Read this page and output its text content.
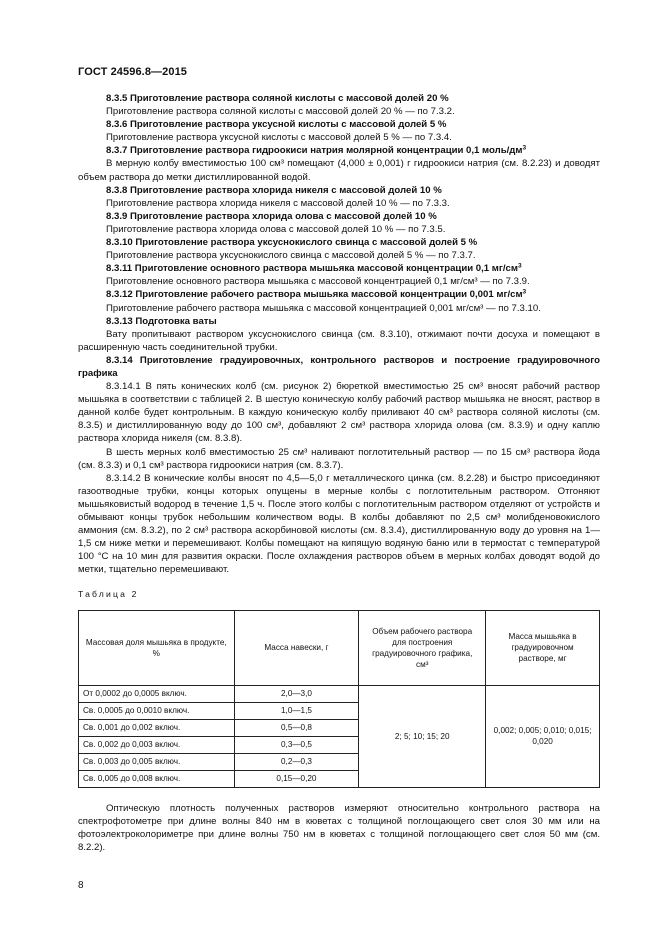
ГОСТ 24596.8—2015

8.3.5 Приготовление раствора соляной кислоты с массовой долей 20 %

Приготовление раствора соляной кислоты с массовой долей 20 % — по 7.3.2.

8.3.6 Приготовление раствора уксусной кислоты с массовой долей 5 %

Приготовление раствора уксусной кислоты с массовой долей 5 % — по 7.3.4.

8.3.7 Приготовление раствора гидроокиси натрия молярной концентрации 0,1 моль/$дм^3$

В мерную колбу вместимостью 100 см³ помещают (4,000 ± 0,001) г гидроокиси натрия (см. 8.2.23) и доводят объем раствора до метки дистиллированной водой.

8.3.8 Приготовление раствора хлорида никеля с массовой долей 10 %

Приготовление раствора хлорида никеля с массовой долей 10 % — по 7.3.3.

8.3.9 Приготовление раствора хлорида олова с массовой долей 10 %

Приготовление раствора хлорида олова с массовой долей 10 % — по 7.3.5.

8.3.10 Приготовление раствора уксуснокислого свинца с массовой долей 5 %

Приготовление раствора уксуснокислого свинца с массовой долей 5 % — по 7.3.7.

8.3.11 Приготовление основного раствора мышьяка массовой концентрации 0,1 $мг/см^3$

Приготовление основного раствора мышьяка с массовой концентрацией 0,1 мг/см³ — по 7.3.9.

8.3.12 Приготовление рабочего раствора мышьяка массовой концентрации 0,001 $мг/см^3$

Приготовление рабочего раствора мышьяка с массовой концентрацией 0,001 мг/см³ — по 7.3.10.

8.3.13 Подготовка ваты

Вату пропитывают раствором уксуснокислого свинца (см. 8.3.10), отжимают почти досуха и помещают в расширенную часть соединительной трубки.

8.3.14 Приготовление градуировочных, контрольного растворов и построение градуировочного графика

8.3.14.1 В пять конических колб (см. рисунок 2) бюреткой вместимостью 25 см³ вносят рабочий раствор мышьяка в соответствии с таблицей 2. В шестую коническую колбу рабочий раствор мышьяка не вносят, раствор в данной колбе будет контрольным. В каждую коническую колбу приливают 40 см³ раствора соляной кислоты (см. 8.3.5) и дистиллированную воду до 100 см³, добавляют 2 см³ раствора хлорида олова (см. 8.3.9) и одну каплю раствора хлорида никеля (см. 8.3.8).

В шесть мерных колб вместимостью 25 см³ наливают поглотительный раствор — по 15 см³ раствора йода (см. 8.3.3) и 0,1 см³ раствора гидроокиси натрия (см. 8.3.7).

8.3.14.2 В конические колбы вносят по 4,5—5,0 г металлического цинка (см. 8.2.28) и быстро присоединяют газоотводные трубки, концы которых опущены в мерные колбы с поглотительным раствором. Отгоняют мышьяковистый водород в течение 1,5 ч. После этого колбы с поглотительным раствором отделяют от устройств и обмывают концы трубок небольшим количеством воды. В колбы добавляют по 2,5 см³ молибденовокислого аммония (см. 8.3.2), по 2 см³ раствора аскорбиновой кислоты (см. 8.3.4), дистиллированную воду до уровня на 1—1,5 см ниже метки и перемешивают. Колбы помещают на кипящую водяную баню или в термостат с температурой 100 °С на 10 мин для развития окраски. После охлаждения растворов объем в мерных колбах доводят водой до метки, тщательно перемешивают.

Таблица 2
Массовая доля мышьяка в продукте, %	Масса навески, г	Объем рабочего раствора для построения градуировочного графика, см³	Масса мышьяка в градуировочном растворе, мг
От 0,0002 до 0,0005 включ.	2,0—3,0	2; 5; 10; 15; 20	0,002; 0,005; 0,010; 0,015; 0,020
Св. 0,0005 до 0,0010 включ.	1,0—1,5		
Св. 0,001 до 0,002 включ.	0,5—0,8		
Св. 0,002 до 0,003 включ.	0,3—0,5		
Св. 0,003 до 0,005 включ.	0,2—0,3		
Св. 0,005 до 0,008 включ.	0,15—0,20		

Оптическую плотность полученных растворов измеряют относительно контрольного раствора на спектрофотометре при длине волны 840 нм в кюветах с толщиной поглощающего свет слоя 30 мм или на фотоэлектроколориметре при длине волны 750 нм в кюветах с толщиной поглощающего свет слоя 50 мм (см. 8.2.2).

8
